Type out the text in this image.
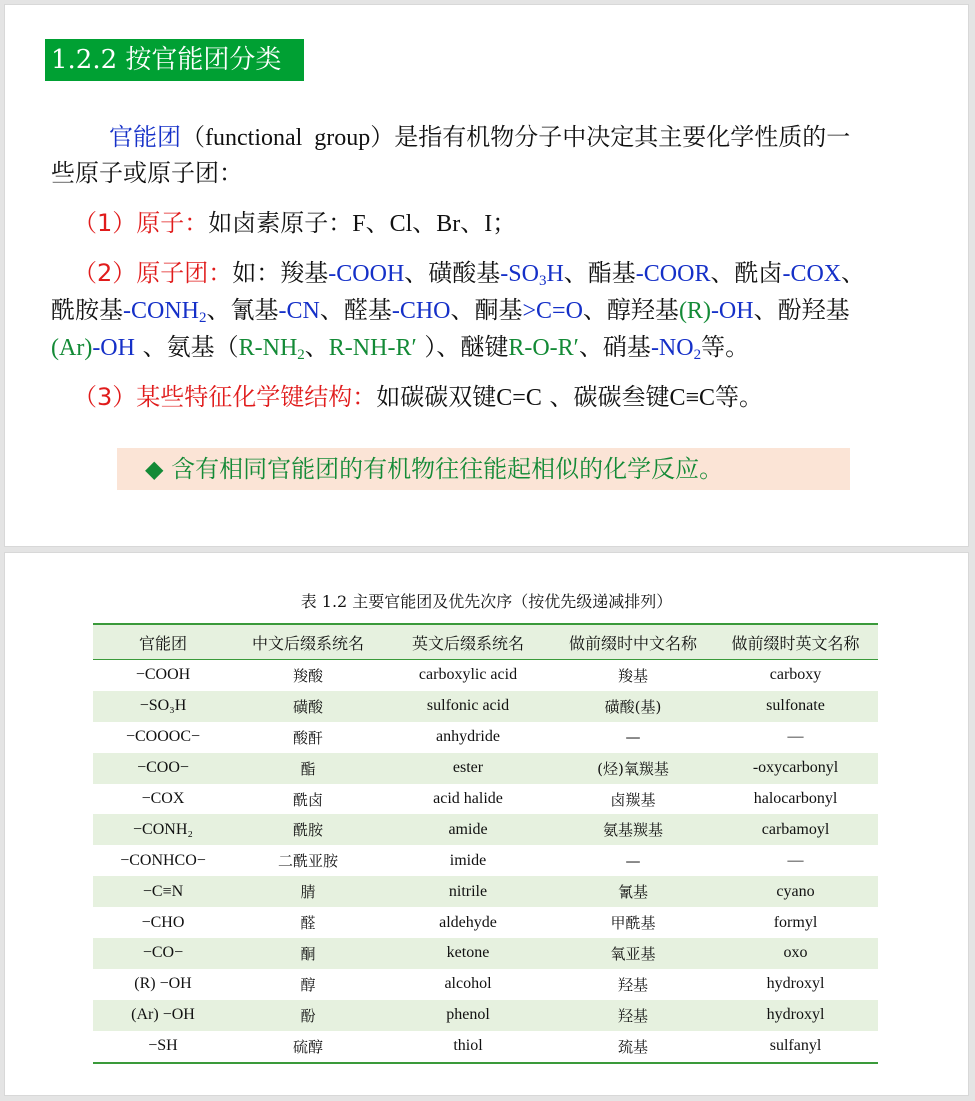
1.2.2 按官能团分类
官能团（functional  group）是指有机物分子中决定其主要化学性质的一
些原子或原子团：
（1）原子：如卤素原子：F、Cl、Br、I；
（2）原子团：如：羧基-COOH、磺酸基$-SO_3H$、酯基-COOR、酰卤-COX、
酰胺基$-CONH_2$、氰基-CN、醛基-CHO、酮基>C=O、醇羟基(R)-OH、酚羟基
(Ar)-OH 、氨基（$R-NH_2$、R-NH-R′ ）、醚键R-O-R′、硝基$-NO_2$等。
（3）某些特征化学键结构：如碳碳双键C=C 、碳碳叁键C≡C等。
◆ 含有相同官能团的有机物往往能起相似的化学反应。
表 1.2 主要官能团及优先次序（按优先级递减排列）
官能团	中文后缀系统名	英文后缀系统名	做前缀时中文名称	做前缀时英文名称
−COOH	羧酸	carboxylic acid	羧基	carboxy
−SO₃H	磺酸	sulfonic acid	磺酸(基)	sulfonate
−COOOC−	酸酐	anhydride	—	—
−COO−	酯	ester	(烃)氧羰基	-oxycarbonyl
−COX	酰卤	acid halide	卤羰基	halocarbonyl
−CONH₂	酰胺	amide	氨基羰基	carbamoyl
−CONHCO−	二酰亚胺	imide	—	—
−C≡N	腈	nitrile	氰基	cyano
−CHO	醛	aldehyde	甲酰基	formyl
−CO−	酮	ketone	氧亚基	oxo
(R) −OH	醇	alcohol	羟基	hydroxyl
(Ar) −OH	酚	phenol	羟基	hydroxyl
−SH	硫醇	thiol	巯基	sulfanyl
